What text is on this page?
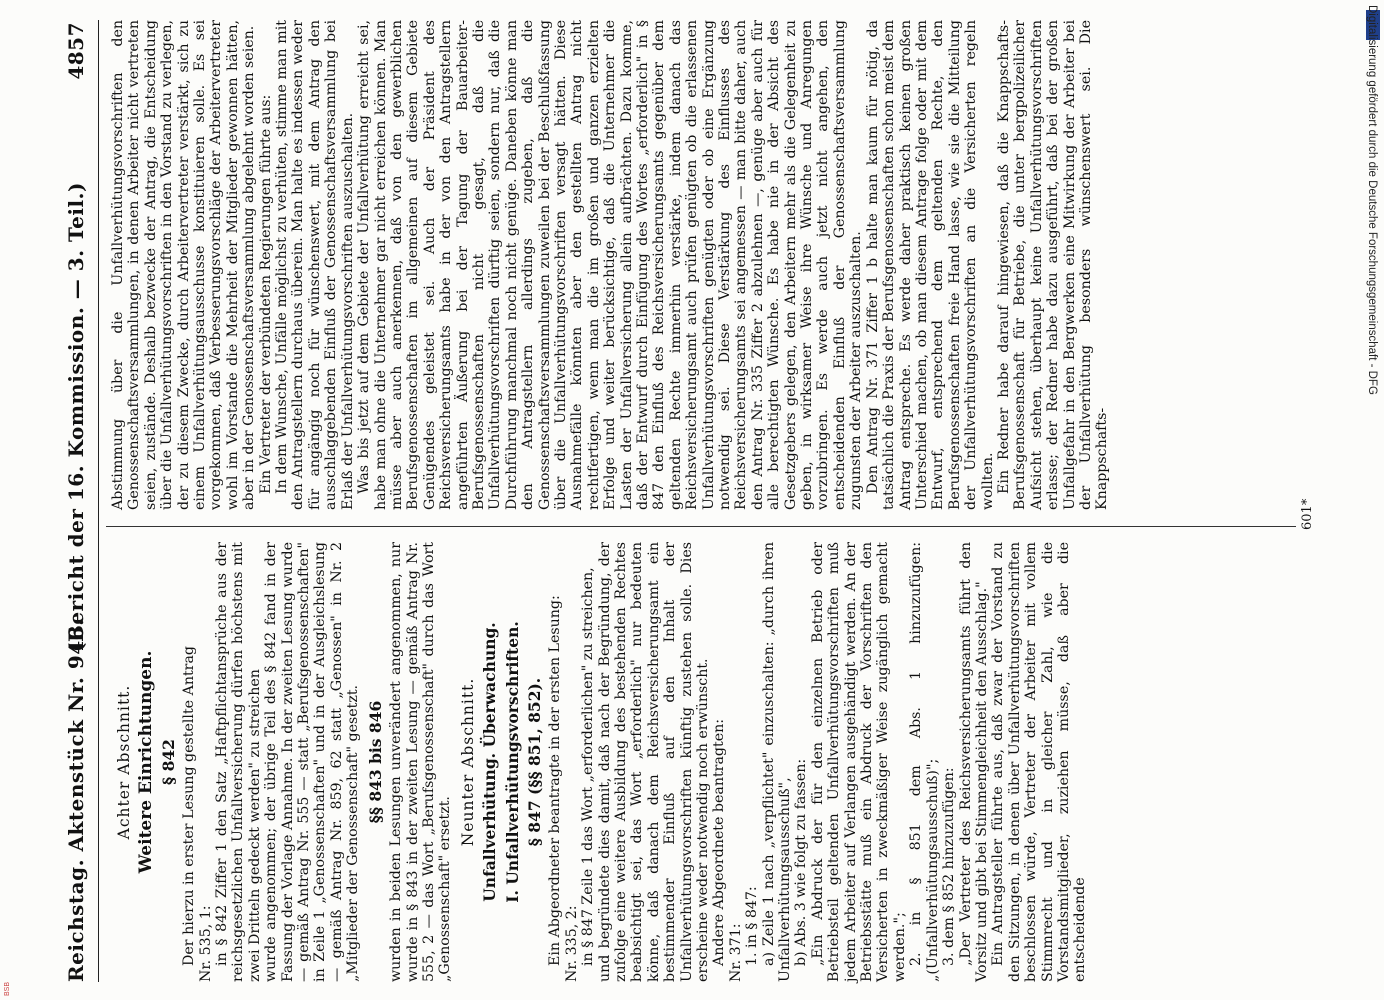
Digitalisierung gefördert durch die Deutsche Forschungsgemeinschaft - DFG
BSB
Reichstag. Aktenstück Nr. 946.
(Bericht der 16. Kommission. — 3. Teil.)
4857
Achter Abschnitt. Weitere Einrichtungen. § 842 Der hierzu in erster Lesung gestellte Antrag Nr. 535, 1: in § 842 Ziffer 1 den Satz „Haftpflichtansprüche aus der reichsgesetzlichen Unfallversicherung dürfen höchstens mit zwei Dritteln gedeckt werden" zu streichen wurde angenommen; der übrige Teil des § 842 fand in der Fassung der Vorlage Annahme. In der zweiten Lesung wurde — gemäß Antrag Nr. 555 — statt „Berufsgenossenschaften" in Zeile 1 „Genossenschaften" und in der Ausgleichslesung — gemäß Antrag Nr. 859, 62 statt „Genossen" in Nr. 2 „Mitglieder der Genossenschaft" gesetzt. §§ 843 bis 846 wurden in beiden Lesungen unverändert angenommen, nur wurde in § 843 in der zweiten Lesung — gemäß Antrag Nr. 555, 2 — das Wort „Berufsgenossenschaft" durch das Wort „Genossenschaft" ersetzt.

Neunter Abschnitt. Unfallverhütung. Überwachung. I. Unfallverhütungsvorschriften. § 847 (§§ 851, 852). Ein Abgeordneter beantragte in der ersten Lesung: Nr. 335, 2: in § 847 Zeile 1 das Wort „erforderlichen" zu streichen, und begründete dies damit, daß nach der Begründung, der zufolge eine weitere Ausbildung des bestehenden Rechtes beabsichtigt sei, das Wort „erforderlich" nur bedeuten könne, daß danach dem Reichsversicherungsamt ein bestimmender Einfluß auf den Inhalt der Unfallverhütungsvorschriften künftig zustehen solle. Dies erscheine weder notwendig noch erwünscht. Andere Abgeordnete beantragten: Nr. 371: 1. in § 847: a) Zeile 1 nach „verpflichtet" einzuschalten: „durch ihren Unfallverhütungsausschuß", b) Abs. 3 wie folgt zu fassen: „Ein Abdruck der für den einzelnen Betrieb oder Betriebsteil geltenden Unfallverhütungsvorschriften muß jedem Arbeiter auf Verlangen ausgehändigt werden. An der Betriebsstätte muß ein Abdruck der Vorschriften den Versicherten in zweckmäßiger Weise zugänglich gemacht werden."; 2. in § 851 dem Abs. 1 hinzuzufügen: „(Unfallverhütungsausschuß)"; 3. dem § 852 hinzuzufügen: „Der Vertreter des Reichsversicherungsamts führt den Vorsitz und gibt bei Stimmengleichheit den Ausschlag." Ein Antragsteller führte aus, daß zwar der Vorstand zu den Sitzungen, in denen über Unfallverhütungsvorschriften beschlossen würde, Vertreter der Arbeiter mit vollem Stimmrecht und in gleicher Zahl, wie die Vorstandsmitglieder, zuziehen müsse, daß aber die entscheidende

Abstimmung über die Unfallverhütungsvorschriften den Genossenschaftsversammlungen, in denen Arbeiter nicht vertreten seien, zustände. Deshalb bezwecke der Antrag, die Entscheidung über die Unfallverhütungsvorschriften in den Vorstand zu verlegen, der zu diesem Zwecke, durch Arbeitervertreter verstärkt, sich zu einem Unfallverhütungsausschusse konstituieren solle. Es sei vorgekommen, daß Verbesserungsvorschläge der Arbeitervertreter wohl im Vorstande die Mehrheit der Mitglieder gewonnen hätten, aber in der Genossenschaftsversammlung abgelehnt worden seien. Ein Vertreter der verbündeten Regierungen führte aus: In dem Wunsche, Unfälle möglichst zu verhüten, stimme man mit den Antragstellern durchaus überein. Man halte es indessen weder für angängig noch für wünschenswert, mit dem Antrag den ausschlaggebenden Einfluß der Genossenschaftsversammlung bei Erlaß der Unfallverhütungsvorschriften auszuschalten. Was bis jetzt auf dem Gebiete der Unfallverhütung erreicht sei, habe man ohne die Unternehmer gar nicht erreichen können. Man müsse aber auch anerkennen, daß von den gewerblichen Berufsgenossenschaften im allgemeinen auf diesem Gebiete Genügendes geleistet sei. Auch der Präsident des Reichsversicherungsamts habe in der von den Antragstellern angeführten Äußerung bei der Tagung der Bauarbeiter-Berufsgenossenschaften nicht gesagt, daß die Unfallverhütungsvorschriften dürftig seien, sondern nur, daß die Durchführung manchmal noch nicht genüge. Daneben könne man den Antragstellern allerdings zugeben, daß die Genossenschaftsversammlungen zuweilen bei der Beschlußfassung über die Unfallverhütungsvorschriften versagt hätten. Diese Ausnahmefälle könnten aber den gestellten Antrag nicht rechtfertigen, wenn man die im großen und ganzen erzielten Erfolge und weiter berücksichtige, daß die Unternehmer die Lasten der Unfallversicherung allein aufbrächten. Dazu komme, daß der Entwurf durch Einfügung des Wortes „erforderlich" in § 847 den Einfluß des Reichsversicherungsamts gegenüber dem geltenden Rechte immerhin verstärke, indem danach das Reichsversicherungsamt auch prüfen genügten ob die erlassenen Unfallverhütungsvorschriften genügten oder ob eine Ergänzung notwendig sei. Diese Verstärkung des Einflusses des Reichsversicherungsamts sei angemessen — man bitte daher, auch den Antrag Nr. 335 Ziffer 2 abzulehnen —, genüge aber auch für alle berechtigten Wünsche. Es habe nie in der Absicht des Gesetzgebers gelegen, den Arbeitern mehr als die Gelegenheit zu geben, in wirksamer Weise ihre Wünsche und Anregungen vorzubringen. Es werde auch jetzt nicht angehen, den entscheidenden Einfluß der Genossenschaftsversammlung zugunsten der Arbeiter auszuschalten. Den Antrag Nr. 371 Ziffer 1 b halte man kaum für nötig, da tatsächlich die Praxis der Berufsgenossenschaften schon meist dem Antrag entspreche. Es werde daher praktisch keinen großen Unterschied machen, ob man diesem Antrage folge oder mit dem Entwurf, entsprechend dem geltenden Rechte, den Berufsgenossenschaften freie Hand lasse, wie sie die Mitteilung der Unfallverhütungsvorschriften an die Versicherten regeln wollten. Ein Redner habe darauf hingewiesen, daß die Knappschafts-Berufsgenossenschaft für Betriebe, die unter bergpolizeilicher Aufsicht stehen, überhaupt keine Unfallverhütungsvorschriften erlasse; der Redner habe dazu ausgeführt, daß bei der großen Unfallgefahr in den Bergwerken eine Mitwirkung der Arbeiter bei der Unfallverhütung besonders wünschenswert sei. Die Knappschafts-

601*
